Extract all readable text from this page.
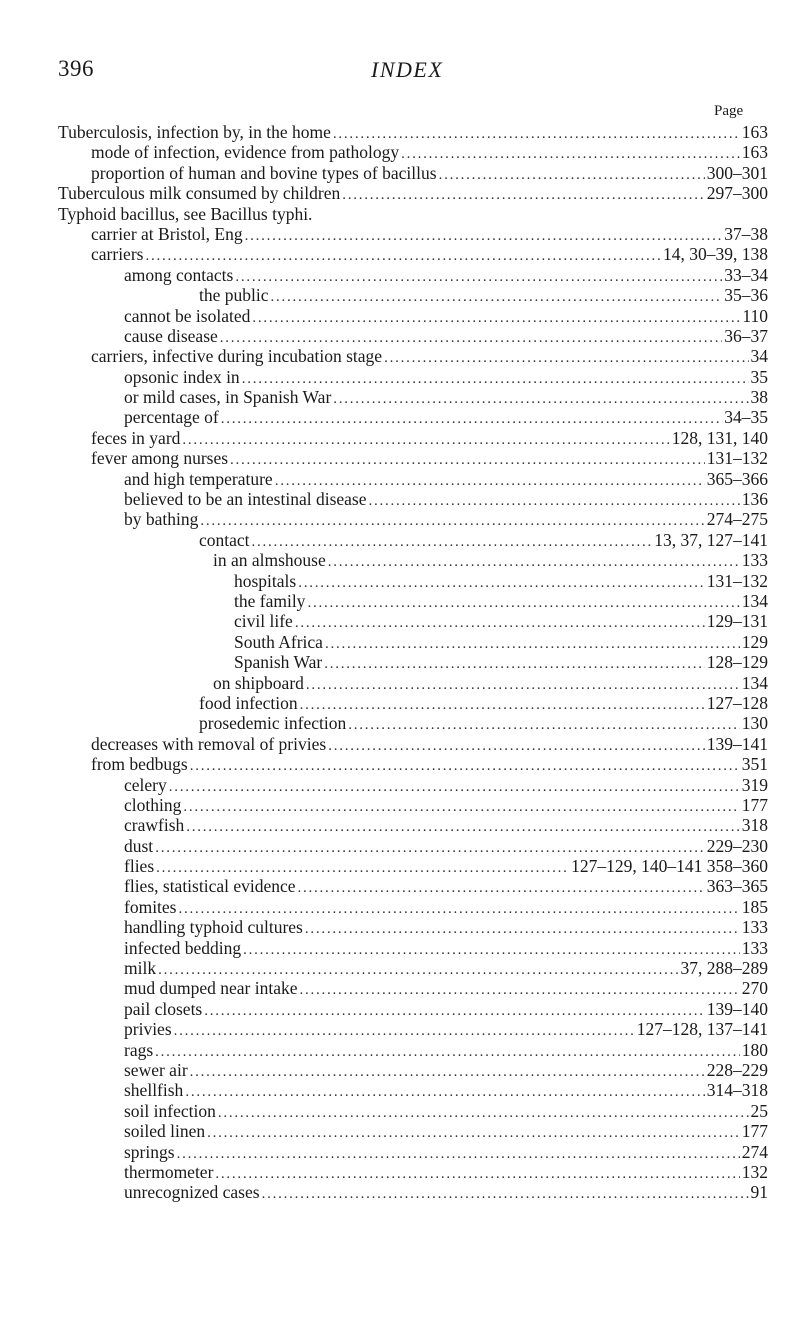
396	INDEX
Page
Tuberculosis, infection by, in the home . . .	163
mode of infection, evidence from pathology . . .	163
proportion of human and bovine types of bacillus . . .	300–301
Tuberculous milk consumed by children . . .	297–300
Typhoid bacillus, see Bacillus typhi.
carrier at Bristol, Eng . . .	37–38
carriers . . .	14, 30–39, 138
among contacts . . .	33–34
the public . . .	35–36
cannot be isolated . . .	110
cause disease . . .	36–37
carriers, infective during incubation stage . . .	34
opsonic index in . . .	35
or mild cases, in Spanish War . . .	38
percentage of . . .	34–35
feces in yard . . .	128, 131, 140
fever among nurses . . .	131–132
and high temperature . . .	365–366
believed to be an intestinal disease . . .	136
by bathing . . .	274–275
contact . . .	13, 37, 127–141
in an almshouse . . .	133
hospitals . . .	131–132
the family . . .	134
civil life . . .	129–131
South Africa . . .	129
Spanish War . . .	128–129
on shipboard . . .	134
food infection . . .	127–128
prosedemic infection . . .	130
decreases with removal of privies . . .	139–141
from bedbugs . . .	351
celery . . .	319
clothing . . .	177
crawfish . . .	318
dust . . .	229–230
flies . . .	127–129, 140–141 358–360
flies, statistical evidence . . .	363–365
fomites . . .	185
handling typhoid cultures . . .	133
infected bedding . . .	133
milk . . .	37, 288–289
mud dumped near intake . . .	270
pail closets . . .	139–140
privies . . .	127–128, 137–141
rags . . .	180
sewer air . . .	228–229
shellfish . . .	314–318
soil infection . . .	25
soiled linen . . .	177
springs . . .	274
thermometer . . .	132
unrecognized cases . . .	91
